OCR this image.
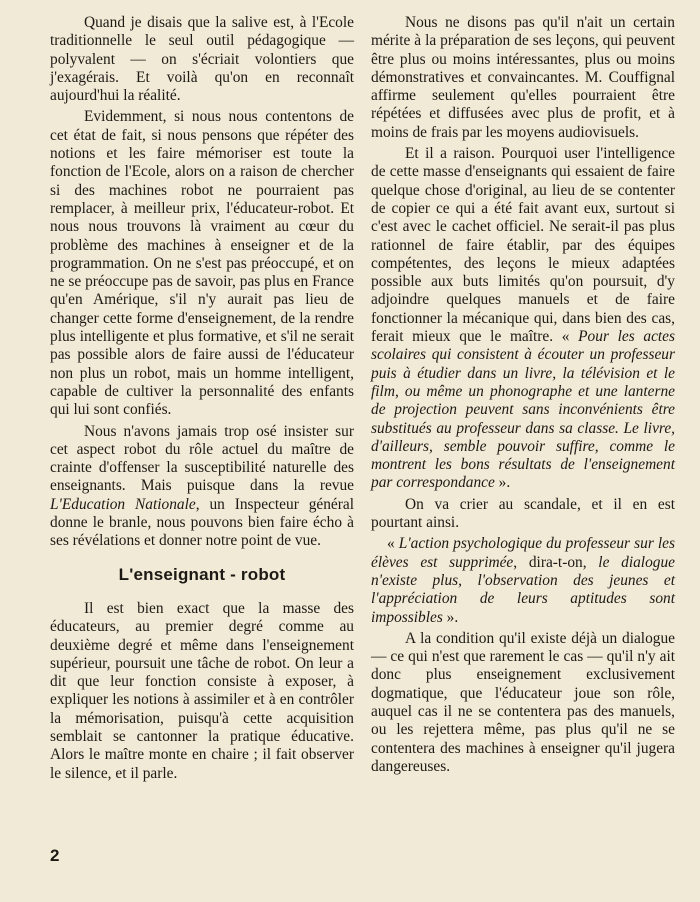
Quand je disais que la salive est, à l'Ecole traditionnelle le seul outil pédagogique — polyvalent — on s'écriait volontiers que j'exagérais. Et voilà qu'on en reconnaît aujourd'hui la réalité.

Evidemment, si nous nous contentons de cet état de fait, si nous pensons que répéter des notions et les faire mémoriser est toute la fonction de l'Ecole, alors on a raison de chercher si des machines robot ne pourraient pas remplacer, à meilleur prix, l'éducateur-robot. Et nous nous trouvons là vraiment au cœur du problème des machines à enseigner et de la programmation. On ne s'est pas préoccupé, et on ne se préoccupe pas de savoir, pas plus en France qu'en Amérique, s'il n'y aurait pas lieu de changer cette forme d'enseignement, de la rendre plus intelligente et plus formative, et s'il ne serait pas possible alors de faire aussi de l'éducateur non plus un robot, mais un homme intelligent, capable de cultiver la personnalité des enfants qui lui sont confiés.

Nous n'avons jamais trop osé insister sur cet aspect robot du rôle actuel du maître de crainte d'offenser la susceptibilité naturelle des enseignants. Mais puisque dans la revue L'Education Nationale, un Inspecteur général donne le branle, nous pouvons bien faire écho à ses révélations et donner notre point de vue.

L'enseignant - robot

Il est bien exact que la masse des éducateurs, au premier degré comme au deuxième degré et même dans l'enseignement supérieur, poursuit une tâche de robot. On leur a dit que leur fonction consiste à exposer, à expliquer les notions à assimiler et à en contrôler la mémorisation, puisqu'à cette acquisition semblait se cantonner la pratique éducative. Alors le maître monte en chaire ; il fait observer le silence, et il parle.

Nous ne disons pas qu'il n'ait un certain mérite à la préparation de ses leçons, qui peuvent être plus ou moins intéressantes, plus ou moins démonstratives et convaincantes. M. Couffignal affirme seulement qu'elles pourraient être répétées et diffusées avec plus de profit, et à moins de frais par les moyens audiovisuels.

Et il a raison. Pourquoi user l'intelligence de cette masse d'enseignants qui essaient de faire quelque chose d'original, au lieu de se contenter de copier ce qui a été fait avant eux, surtout si c'est avec le cachet officiel. Ne serait-il pas plus rationnel de faire établir, par des équipes compétentes, des leçons le mieux adaptées possible aux buts limités qu'on poursuit, d'y adjoindre quelques manuels et de faire fonctionner la mécanique qui, dans bien des cas, ferait mieux que le maître. « Pour les actes scolaires qui consistent à écouter un professeur puis à étudier dans un livre, la télévision et le film, ou même un phonographe et une lanterne de projection peuvent sans inconvénients être substitués au professeur dans sa classe. Le livre, d'ailleurs, semble pouvoir suffire, comme le montrent les bons résultats de l'enseignement par correspondance ».

On va crier au scandale, et il en est pourtant ainsi.

« L'action psychologique du professeur sur les élèves est supprimée, dira-t-on, le dialogue n'existe plus, l'observation des jeunes et l'appréciation de leurs aptitudes sont impossibles ».

A la condition qu'il existe déjà un dialogue — ce qui n'est que rarement le cas — qu'il n'y ait donc plus enseignement exclusivement dogmatique, que l'éducateur joue son rôle, auquel cas il ne se contentera pas des manuels, ou les rejettera même, pas plus qu'il ne se contentera des machines à enseigner qu'il jugera dangereuses.

2
